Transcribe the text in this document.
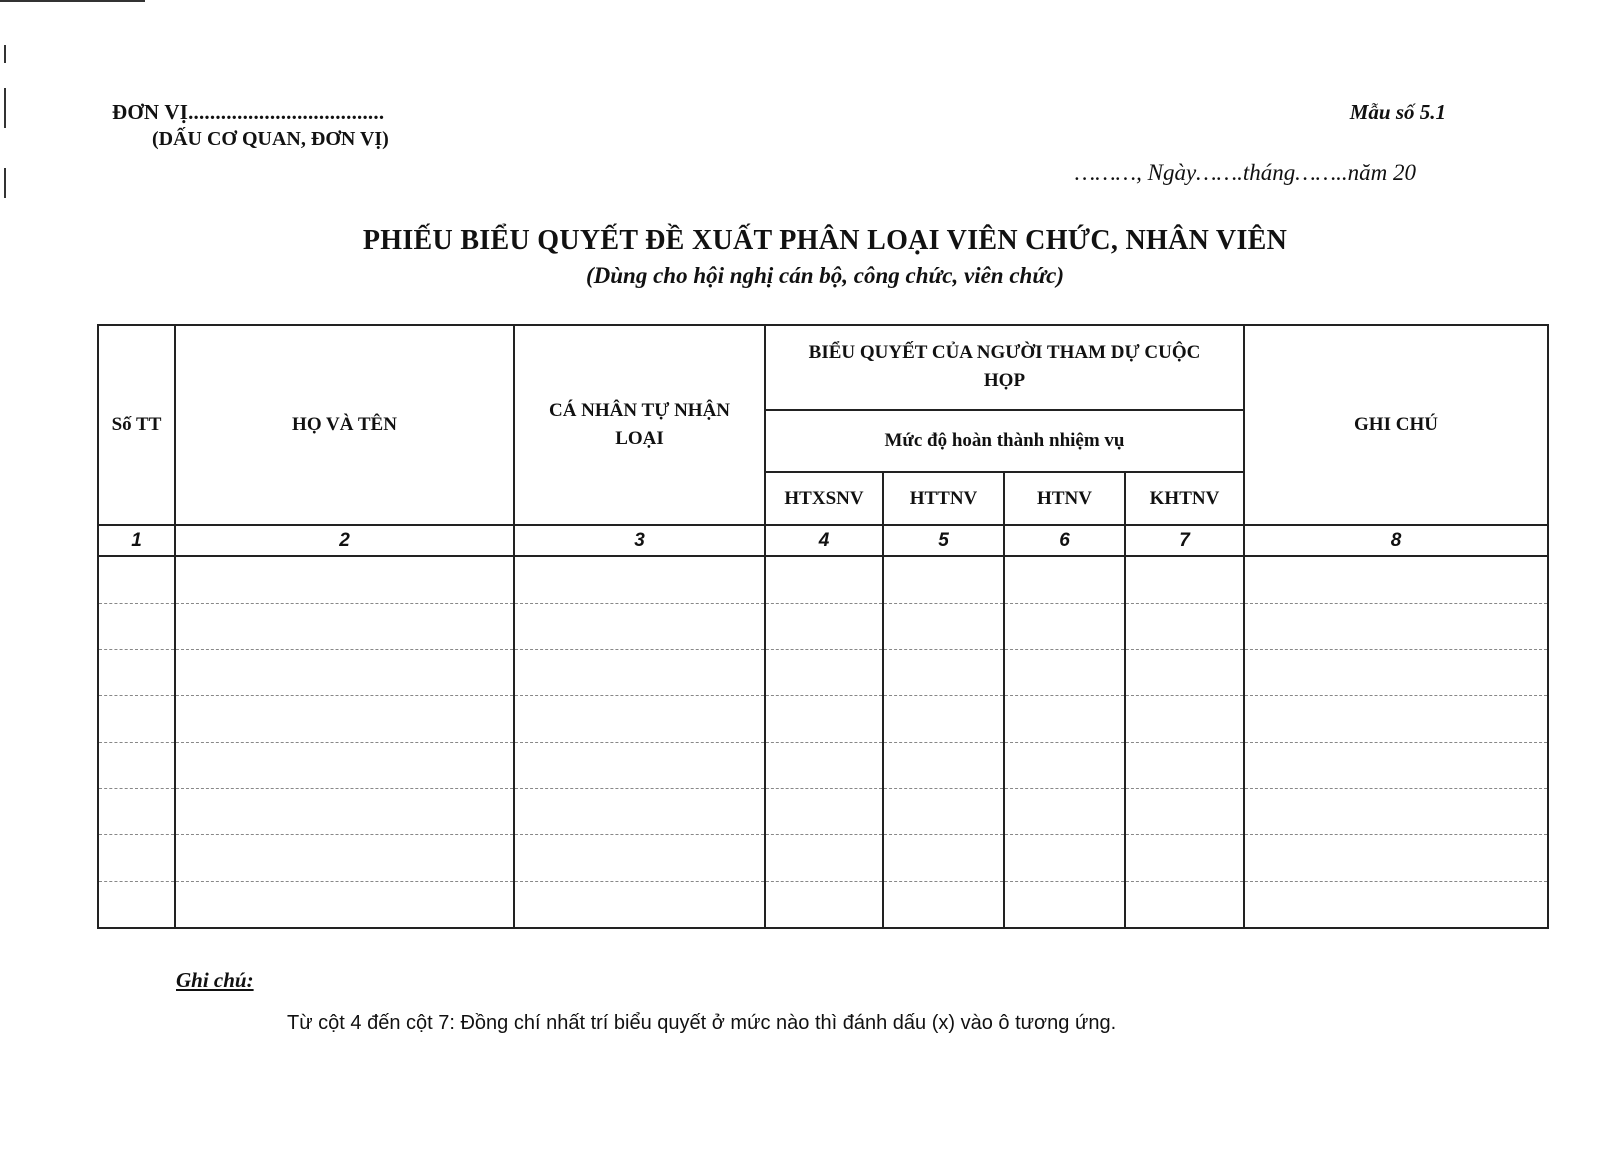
ĐƠN VỊ....................................
(DẤU CƠ QUAN, ĐƠN VỊ)
Mẫu số 5.1
………, Ngày…….tháng……..năm 20
PHIẾU BIỂU QUYẾT ĐỀ XUẤT PHÂN LOẠI VIÊN CHỨC, NHÂN VIÊN
(Dùng cho hội nghị cán bộ, công chức, viên chức)
Số TT	HỌ VÀ TÊN	CÁ NHÂN TỰ NHẬN LOẠI	BIỂU QUYẾT CỦA NGƯỜI THAM DỰ CUỘC HỌP				GHI CHÚ
			Mức độ hoàn thành nhiệm vụ				
			HTXSNV	HTTNV	HTNV	KHTNV	
1	2	3	4	5	6	7	8

Ghi chú:
Từ cột 4 đến cột 7: Đồng chí nhất trí biểu quyết ở mức nào thì đánh dấu (x) vào ô tương ứng.
